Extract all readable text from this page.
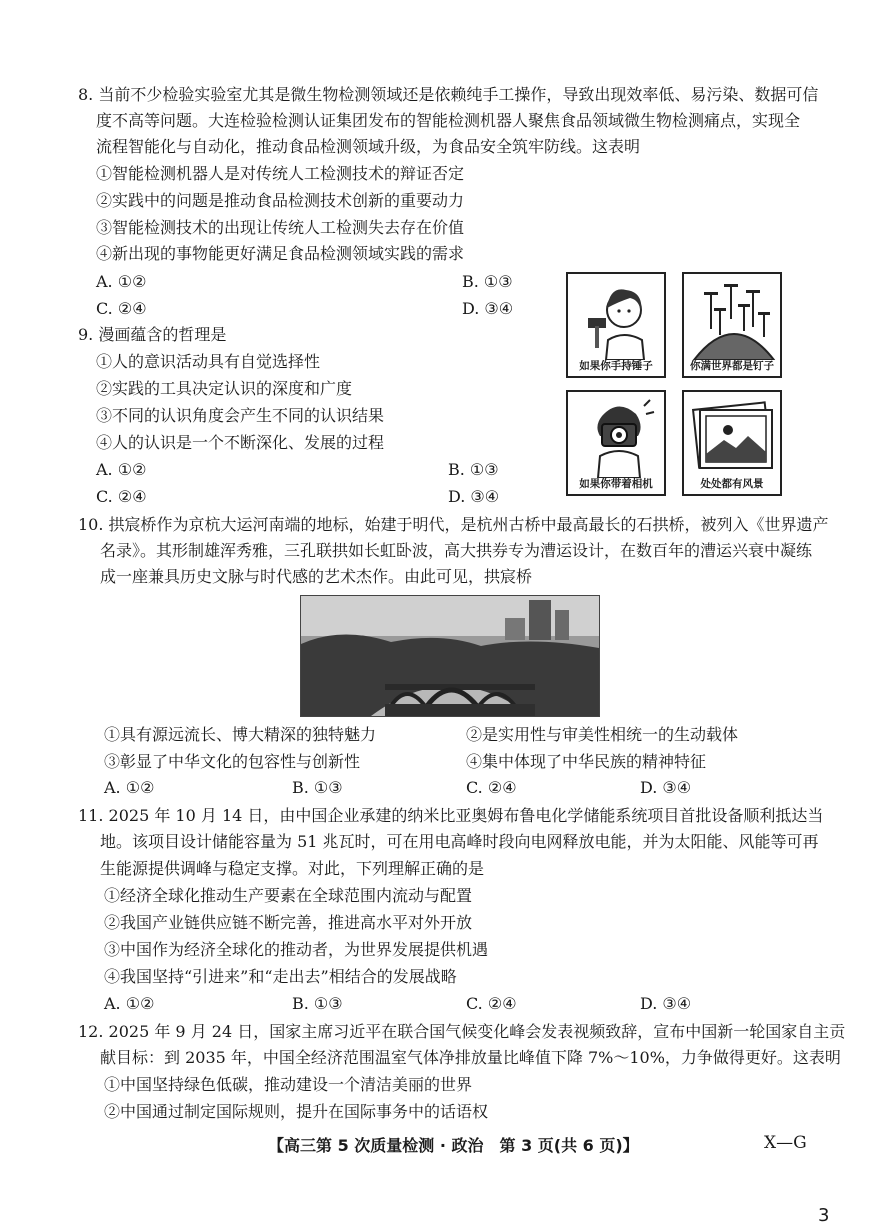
8. 当前不少检验实验室尤其是微生物检测领域还是依赖纯手工操作，导致出现效率低、易污染、数据可信
度不高等问题。大连检验检测认证集团发布的智能检测机器人聚焦食品领域微生物检测痛点，实现全
流程智能化与自动化，推动食品检测领域升级，为食品安全筑牢防线。这表明
①智能检测机器人是对传统人工检测技术的辩证否定
②实践中的问题是推动食品检测技术创新的重要动力
③智能检测技术的出现让传统人工检测失去存在价值
④新出现的事物能更好满足食品检测领域实践的需求
A. ①②	B. ①③
C. ②④	D. ③④
9. 漫画蕴含的哲理是
①人的意识活动具有自觉选择性
②实践的工具决定认识的深度和广度
③不同的认识角度会产生不同的认识结果
④人的认识是一个不断深化、发展的过程
A. ①②	B. ①③
C. ②④	D. ③④
如果你手持锤子	你满世界都是钉子
如果你带着相机	处处都有风景
10. 拱宸桥作为京杭大运河南端的地标，始建于明代，是杭州古桥中最高最长的石拱桥，被列入《世界遗产
名录》。其形制雄浑秀雅，三孔联拱如长虹卧波，高大拱券专为漕运设计，在数百年的漕运兴衰中凝练
成一座兼具历史文脉与时代感的艺术杰作。由此可见，拱宸桥
①具有源远流长、博大精深的独特魅力	②是实用性与审美性相统一的生动载体
③彰显了中华文化的包容性与创新性	④集中体现了中华民族的精神特征
A. ①②	B. ①③	C. ②④	D. ③④
11. 2025 年 10 月 14 日，由中国企业承建的纳米比亚奥姆布鲁电化学储能系统项目首批设备顺利抵达当
地。该项目设计储能容量为 51 兆瓦时，可在用电高峰时段向电网释放电能，并为太阳能、风能等可再
生能源提供调峰与稳定支撑。对此，下列理解正确的是
①经济全球化推动生产要素在全球范围内流动与配置
②我国产业链供应链不断完善，推进高水平对外开放
③中国作为经济全球化的推动者，为世界发展提供机遇
④我国坚持“引进来”和“走出去”相结合的发展战略
A. ①②	B. ①③	C. ②④	D. ③④
12. 2025 年 9 月 24 日，国家主席习近平在联合国气候变化峰会发表视频致辞，宣布中国新一轮国家自主贡
献目标：到 2035 年，中国全经济范围温室气体净排放量比峰值下降 7%～10%，力争做得更好。这表明
①中国坚持绿色低碳，推动建设一个清洁美丽的世界
②中国通过制定国际规则，提升在国际事务中的话语权
【高三第 5 次质量检测 · 政治　第 3 页(共 6 页)】	X—G
3
